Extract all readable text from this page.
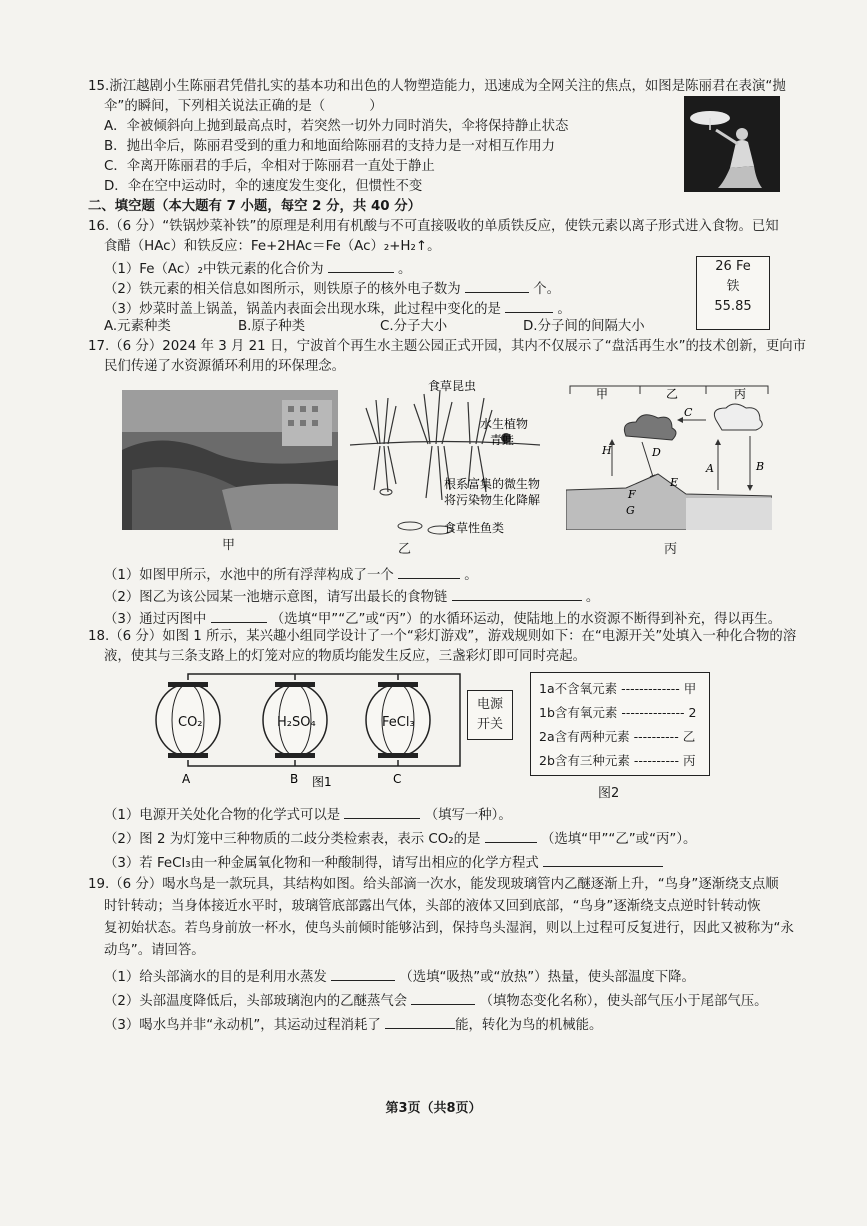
15.浙江越剧小生陈丽君凭借扎实的基本功和出色的人物塑造能力，迅速成为全网关注的焦点，如图是陈丽君在表演“抛
伞”的瞬间，下列相关说法正确的是（	）
A．伞被倾斜向上抛到最高点时，若突然一切外力同时消失，伞将保持静止状态
B．抛出伞后，陈丽君受到的重力和地面给陈丽君的支持力是一对相互作用力
C．伞离开陈丽君的手后，伞相对于陈丽君一直处于静止
D．伞在空中运动时，伞的速度发生变化，但惯性不变
二、填空题（本大题有 7 小题，每空 2 分，共 40 分）
16.（6 分）“铁锅炒菜补铁”的原理是利用有机酸与不可直接吸收的单质铁反应，使铁元素以离子形式进入食物。已知
食醋（HAc）和铁反应：Fe+2HAc＝Fe（Ac）₂+H₂↑。
（1）Fe（Ac）₂中铁元素的化合价为	。
（2）铁元素的相关信息如图所示，则铁原子的核外电子数为	个。
（3）炒菜时盖上锅盖，锅盖内表面会出现水珠，此过程中变化的是	。
A.元素种类	B.原子种类	C.分子大小	D.分子间的间隔大小
26 Fe
铁
55.85
17.（6 分）2024 年 3 月 21 日，宁波首个再生水主题公园正式开园，其内不仅展示了“盘活再生水”的技术创新，更向市
民们传递了水资源循环利用的环保理念。
甲
食草昆虫
水生植物
青蛙
根系富集的微生物
将污染物生化降解
食草性鱼类
乙
甲	乙	丙
C
H	D
A	B
E
F
G
丙
（1）如图甲所示，水池中的所有浮萍构成了一个	。
（2）图乙为该公园某一池塘示意图，请写出最长的食物链	。
（3）通过丙图中	（选填“甲”“乙”或“丙”）的水循环运动，使陆地上的水资源不断得到补充，得以再生。
18.（6 分）如图 1 所示，某兴趣小组同学设计了一个“彩灯游戏”，游戏规则如下：在“电源开关”处填入一种化合物的溶
液，使其与三条支路上的灯笼对应的物质均能发生反应，三盏彩灯即可同时亮起。
CO₂	H₂SO₄	FeCl₃
A	B	C
图1
电源
开关
1a不含氧元素 ------------- 甲
1b含有氧元素 -------------- 2
2a含有两种元素 ---------- 乙
2b含有三种元素 ---------- 丙
图2
（1）电源开关处化合物的化学式可以是	（填写一种）。
（2）图 2 为灯笼中三种物质的二歧分类检索表，表示 CO₂的是	（选填“甲”“乙”或“丙”）。
（3）若 FeCl₃由一种金属氧化物和一种酸制得，请写出相应的化学方程式
19.（6 分）喝水鸟是一款玩具，其结构如图。给头部滴一次水，能发现玻璃管内乙醚逐渐上升，“鸟身”逐渐绕支点顺
时针转动；当身体接近水平时，玻璃管底部露出气体，头部的液体又回到底部，“鸟身”逐渐绕支点逆时针转动恢
复初始状态。若鸟身前放一杯水，使鸟头前倾时能够沾到，保持鸟头湿润，则以上过程可反复进行，因此又被称为“永
动鸟”。请回答。
（1）给头部滴水的目的是利用水蒸发	（选填“吸热”或“放热”）热量，使头部温度下降。
（2）头部温度降低后，头部玻璃泡内的乙醚蒸气会	（填物态变化名称），使头部气压小于尾部气压。
（3）喝水鸟并非“永动机”，其运动过程消耗了	能，转化为鸟的机械能。
第3页（共8页）
